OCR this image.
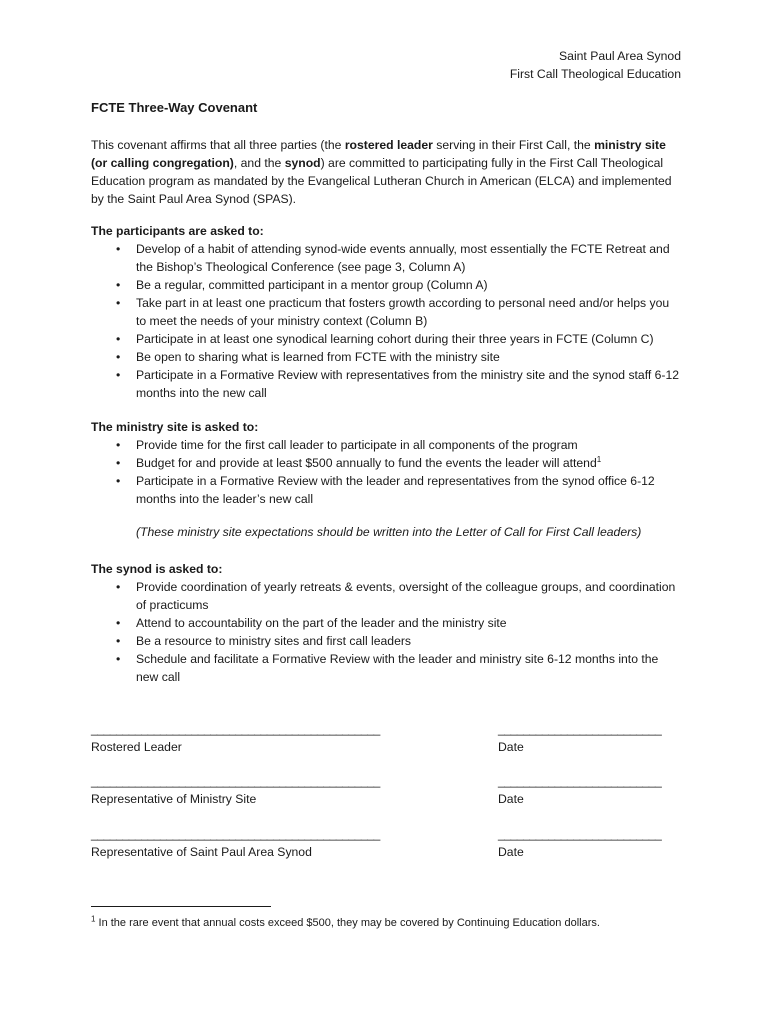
Saint Paul Area Synod
First Call Theological Education
FCTE Three-Way Covenant
This covenant affirms that all three parties (the rostered leader serving in their First Call, the ministry site (or calling congregation), and the synod) are committed to participating fully in the First Call Theological Education program as mandated by the Evangelical Lutheran Church in American (ELCA) and implemented by the Saint Paul Area Synod (SPAS).
The participants are asked to:
• Develop of a habit of attending synod-wide events annually, most essentially the FCTE Retreat and the Bishop’s Theological Conference (see page 3, Column A)
• Be a regular, committed participant in a mentor group (Column A)
• Take part in at least one practicum that fosters growth according to personal need and/or helps you to meet the needs of your ministry context (Column B)
• Participate in at least one synodical learning cohort during their three years in FCTE (Column C)
• Be open to sharing what is learned from FCTE with the ministry site
• Participate in a Formative Review with representatives from the ministry site and the synod staff 6-12 months into the new call
The ministry site is asked to:
• Provide time for the first call leader to participate in all components of the program
• Budget for and provide at least $500 annually to fund the events the leader will attend$^1$
• Participate in a Formative Review with the leader and representatives from the synod office 6-12 months into the leader’s new call
(These ministry site expectations should be written into the Letter of Call for First Call leaders)
The synod is asked to:
• Provide coordination of yearly retreats & events, oversight of the colleague groups, and coordination of practicums
• Attend to accountability on the part of the leader and the ministry site
• Be a resource to ministry sites and first call leaders
• Schedule and facilitate a Formative Review with the leader and ministry site 6-12 months into the new call
______________________________________________
Rostered Leader
__________________________
Date
______________________________________________
Representative of Ministry Site
__________________________
Date
______________________________________________
Representative of Saint Paul Area Synod
__________________________
Date
$^1$ In the rare event that annual costs exceed $500, they may be covered by Continuing Education dollars.
